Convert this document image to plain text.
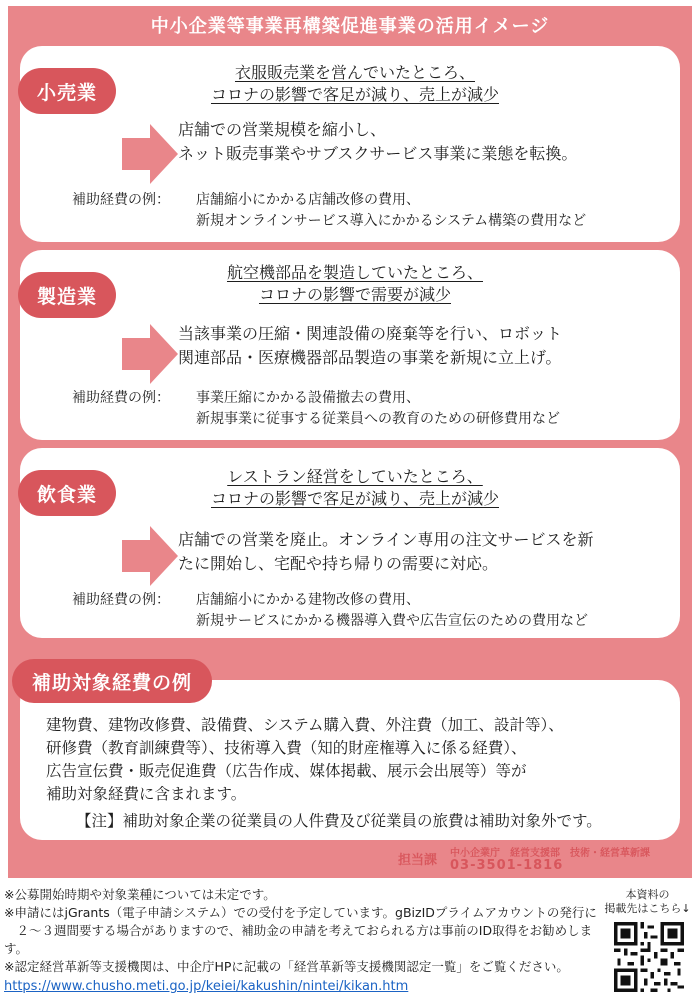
中小企業等事業再構築促進事業の活用イメージ
小売業
衣服販売業を営んでいたところ、
コロナの影響で客足が減り、売上が減少
店舗での営業規模を縮小し、
ネット販売事業やサブスクサービス事業に業態を転換。
補助経費の例： 店舗縮小にかかる店舗改修の費用、
新規オンラインサービス導入にかかるシステム構築の費用など
製造業
航空機部品を製造していたところ、
コロナの影響で需要が減少
当該事業の圧縮・関連設備の廃棄等を行い、ロボット
関連部品・医療機器部品製造の事業を新規に立上げ。
補助経費の例： 事業圧縮にかかる設備撤去の費用、
新規事業に従事する従業員への教育のための研修費用など
飲食業
レストラン経営をしていたところ、
コロナの影響で客足が減り、売上が減少
店舗での営業を廃止。オンライン専用の注文サービスを新
たに開始し、宅配や持ち帰りの需要に対応。
補助経費の例： 店舗縮小にかかる建物改修の費用、
新規サービスにかかる機器導入費や広告宣伝のための費用など
補助対象経費の例
建物費、建物改修費、設備費、システム購入費、外注費（加工、設計等）、
研修費（教育訓練費等）、技術導入費（知的財産権導入に係る経費）、
広告宣伝費・販売促進費（広告作成、媒体掲載、展示会出展等）等が
補助対象経費に含まれます。
【注】補助対象企業の従業員の人件費及び従業員の旅費は補助対象外です。
担当課	中小企業庁　経営支援部　技術・経営革新課
03-3501-1816
※公募開始時期や対象業種については未定です。
※申請にはjGrants（電子申請システム）での受付を予定しています。gBizIDプライムアカウントの発行に
　２～３週間要する場合がありますので、補助金の申請を考えておられる方は事前のID取得をお勧めします。
※認定経営革新等支援機関は、中企庁HPに記載の「経営革新等支援機関認定一覧」をご覧ください。
https://www.chusho.meti.go.jp/keiei/kakushin/nintei/kikan.htm
本資料の
掲載先はこちら↓
